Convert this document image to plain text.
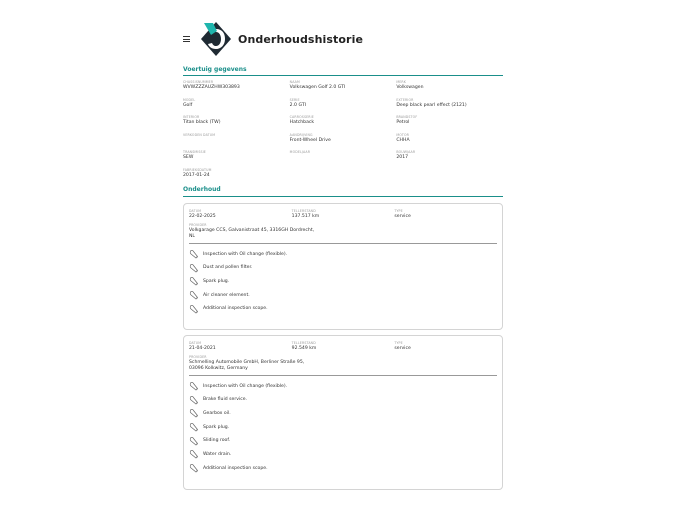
Onderhoudshistorie
Voertuig gegevens
CHASSISNUMMER
WVWZZZAUZHW303893
NAAM
Volkswagen Golf 2.0 GTI
MERK
Volkswagen
MODEL
Golf
SERIE
2.0 GTI
EXTERIOR
Deep black pearl effect (2121)
INTERIOR
Titan black (TW)
CARROSSERIE
Hatchback
BRANDSTOF
Petrol
VERKODEN DATUM	AANDRIJVING
Front-Wheel Drive
MOTOR
CHHA
TRANSMISSIE
SEW
MODELJAAR	BOUWJAAR
2017
FABRIEKSDATUM
2017-01-24
Onderhoud
DATUM
22-02-2025
TELLERSTAND
137.517 km
TYPE
service
PROVIDER
Volkgarage CCS, Galvanistraat 45, 3316GH Dordrecht, NL
Inspection with Oil change (flexible).
Dust and pollen filter.
Spark plug.
Air cleaner element.
Additional inspection scope.
DATUM
21-04-2021
TELLERSTAND
92.549 km
TYPE
service
PROVIDER
Schmelling Automobile GmbH, Berliner Straße 95, 03096 Kolkwitz, Germany
Inspection with Oil change (flexible).
Brake fluid service.
Gearbox oil.
Spark plug.
Sliding roof.
Water drain.
Additional inspection scope.
